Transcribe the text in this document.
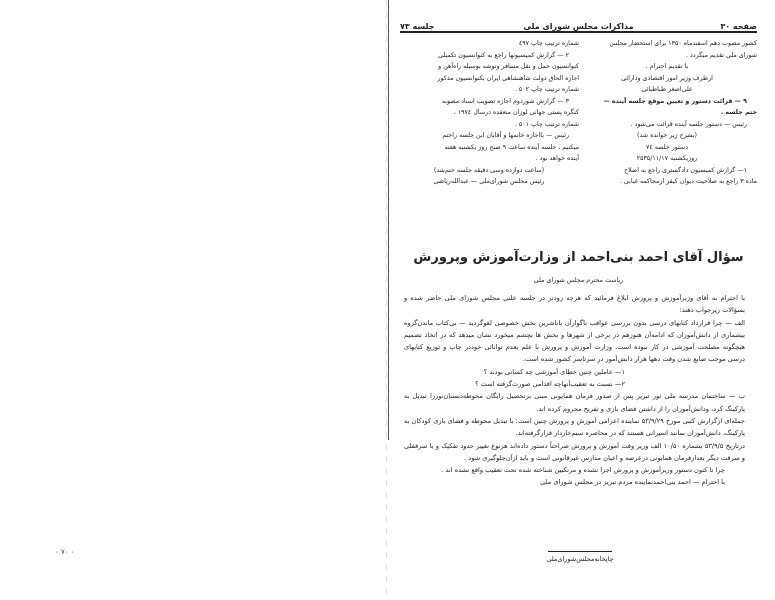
۰ ۷۰ ۰
صفحه ۳۰
مذاکرات مجلس شورای ملی
جلسه ۷۳

کشور مصوب دهم اسفندماه ۱۳۵۰ برای استحضار مجلس

شورای ملی تقدیم میگردد .

با تقدیم احترام .

ازطرف وزیر امور اقتصادی ودارائی

علی‌اصغر طباطبائی

۹ — قرائت دستور و تعیین موقع جلسه آینده —

ختم جلسه .

رئیس — دستور جلسه آینده قرائت می‌شود .

(بشرح زیر خوانده شد)

دستور جلسه ۷٤

روزیکشنبه ۲۵۳۵/۱۱/۱۷

۱— گزارش کمیسیون دادگستری راجع به اصلاح

ماده ۳ راجع به صلاحیت دیوان کیفر ازمجاکمه غیابی .

شماره ترتیب چاپ ٤۹۷

۲ — گزارش کمیسیونها راجع به کنوانسیون تکمیلی

کنوانسیون حمل و نقل مسافر وتوشه بوسیله راه‌آهن و

اجازه الحاق دولت شاهنشاهی ایران بکنوانسیون مذکور

شماره ترتیب چاپ ۵۰۲ .

۳ — گزارش شوردوم اجازه تصویب اسناد مصوبه

کنگره پستی جهانی لوزان منعقده درسال ۱۹۷٤ ،

شماره ترتیب چاپ ۵۰۱ .

رئیس — بااجازه خانمها و آقایان این جلسه راختم

میکنیم ، جلسه آینده ساعت ۹ صبح روز یکشنبه هفته

آینده خواهد بود .

(ساعت دوازده وسی دقیقه جلسه ختم‌شد)

رئیس مجلس شورای‌ملی — عبدالله‌ریاضی

سؤال آقای احمد بنی‌احمد از وزارت‌آموزش وپرورش
ریاست محترم مجلس شورای ملی

با احترام به آقای وزیرآموزش و پرورش ابلاغ فرمائید که هرچه زودتر در جلسه علنی مجلس شورای ملی حاضر شده و بسؤالات زیرجواب دهند:

الف — چرا قرارداد کتابهای درسی بدون بررسی عواقب ناگوارآن باناشرین بخش خصوصی لغوگردید — بی‌کتاب ماندن‌گروه بیشماری از دانش‌آموزان که ادامه‌آن هنوزهم در برخی از شهرها و بخش ها بچشم میخورد نشان میدهد که در اتخاذ تصمیم هیچگونه مصلحت آموزشی در کار نبوده است. وزارت آموزش و پرورش با علم بعدم توانائی خوددر چاپ و توزیع کتابهای درسی موجب ضایع شدن وقت دهها هزار دانش‌آموز در سرتاسر کشور شده است.

۱— عاملین چنین خطای آموزشی چه کسانی بودند ؟

۲— نسبت به تعقیب‌آنهاچه اقدامی صورت‌گرفته است ؟

ب — ساختمان مدرسه ملی نور تبریز پس از صدور فرمان همایونی مبنی برتحصیل رایگان محوطه‌دبستان‌نوررا تبدیل به پارکینگ کرد، ودانش‌آموزان را از داشتن فضای بازی و تفریح محروم کرده اند.

جمله‌ای ازگزارش کتبی مورخ ۵۳/۹/۲۹ نماینده اعزامی آموزش و پرورش چنین است: با تبدیل محوطه و فضای بازی کودکان به پارکینگ، دانش‌آموزان بمانند اسیرانی هستند که در محاصره سیم‌خاردار قرارگرفته‌اند.

درتاریخ ۵۳/۹/۵ بشماره ۱۰/۵۰ الف وزیر وقت آموزش و پرورش صراحتاً دستور داده‌اند هرنوع تغییر حدود تفکیک و یا سرقفلی و سرقت دیگر بعدازفرمان همایونی درعرصه و اعیان مدارس غیرقانونی است و باید ازآن‌جلوگیری شود .

چرا تا کنون دستور وزیرآموزش و پرورش اجرا نشده و مرتکبین شناخته شده تحت تعقیب واقع نشده اند .

با احترام — احمد بنی‌احمدنماینده مردم تبریز در مجلس شورای ملی

چاپخانه‌مجلس‌شورای‌ملی
